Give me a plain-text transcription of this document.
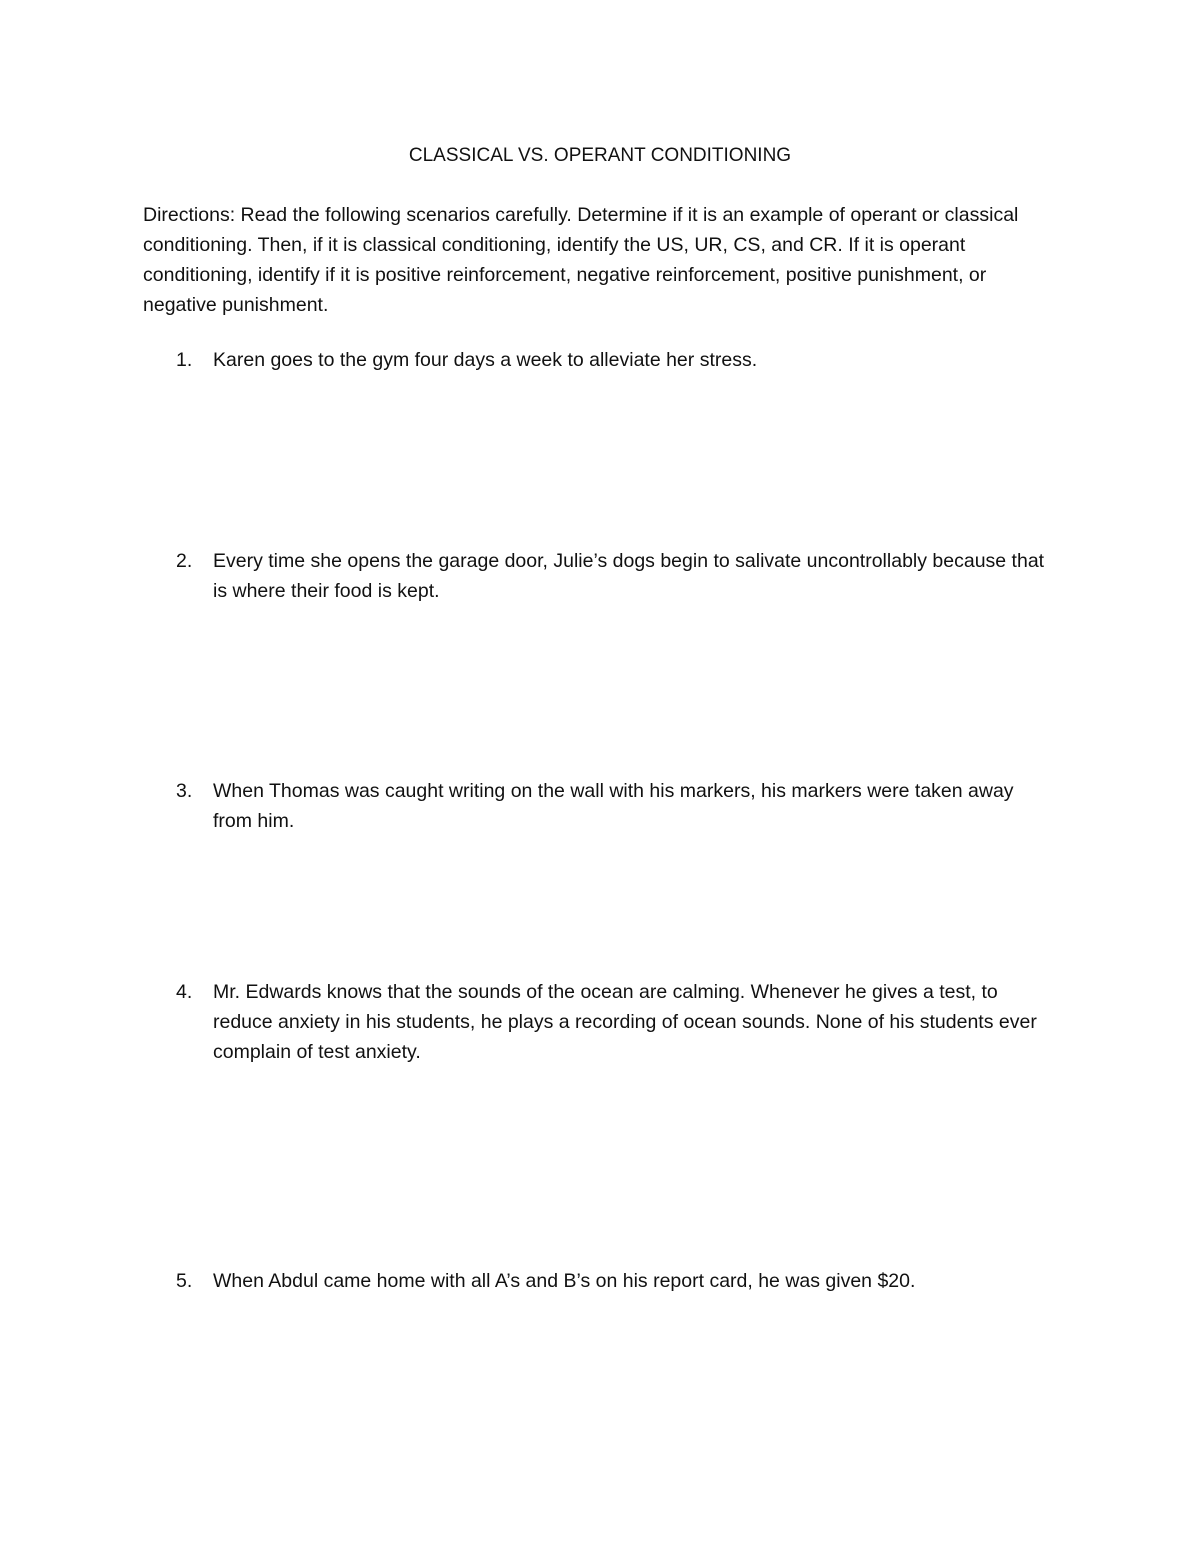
CLASSICAL VS. OPERANT CONDITIONING

Directions: Read the following scenarios carefully. Determine if it is an example of operant or classical conditioning. Then, if it is classical conditioning, identify the US, UR, CS, and CR. If it is operant conditioning, identify if it is positive reinforcement, negative reinforcement, positive punishment, or negative punishment.

1.	Karen goes to the gym four days a week to alleviate her stress.
2.	Every time she opens the garage door, Julie’s dogs begin to salivate uncontrollably because that is where their food is kept.
3.	When Thomas was caught writing on the wall with his markers, his markers were taken away from him.
4.	Mr. Edwards knows that the sounds of the ocean are calming. Whenever he gives a test, to reduce anxiety in his students, he plays a recording of ocean sounds. None of his students ever complain of test anxiety.
5.	When Abdul came home with all A’s and B’s on his report card, he was given $20.
